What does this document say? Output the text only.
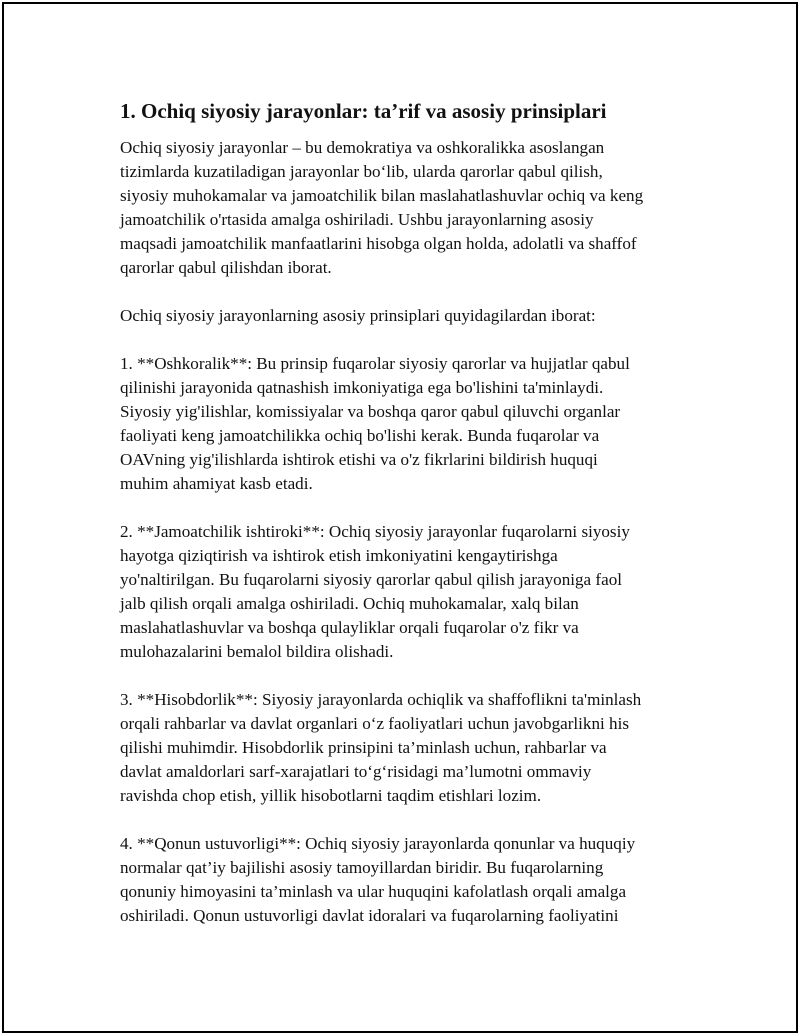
1. Ochiq siyosiy jarayonlar: ta’rif va asosiy prinsiplari

Ochiq siyosiy jarayonlar – bu demokratiya va oshkoralikka asoslangan
tizimlarda kuzatiladigan jarayonlar bo‘lib, ularda qarorlar qabul qilish,
siyosiy muhokamalar va jamoatchilik bilan maslahatlashuvlar ochiq va keng
jamoatchilik o'rtasida amalga oshiriladi. Ushbu jarayonlarning asosiy
maqsadi jamoatchilik manfaatlarini hisobga olgan holda, adolatli va shaffof
qarorlar qabul qilishdan iborat.

Ochiq siyosiy jarayonlarning asosiy prinsiplari quyidagilardan iborat:

1. **Oshkoralik**: Bu prinsip fuqarolar siyosiy qarorlar va hujjatlar qabul
qilinishi jarayonida qatnashish imkoniyatiga ega bo'lishini ta'minlaydi.
Siyosiy yig'ilishlar, komissiyalar va boshqa qaror qabul qiluvchi organlar
faoliyati keng jamoatchilikka ochiq bo'lishi kerak. Bunda fuqarolar va
OAVning yig'ilishlarda ishtirok etishi va o'z fikrlarini bildirish huquqi
muhim ahamiyat kasb etadi.

2. **Jamoatchilik ishtiroki**: Ochiq siyosiy jarayonlar fuqarolarni siyosiy
hayotga qiziqtirish va ishtirok etish imkoniyatini kengaytirishga
yo'naltirilgan. Bu fuqarolarni siyosiy qarorlar qabul qilish jarayoniga faol
jalb qilish orqali amalga oshiriladi. Ochiq muhokamalar, xalq bilan
maslahatlashuvlar va boshqa qulayliklar orqali fuqarolar o'z fikr va
mulohazalarini bemalol bildira olishadi.

3. **Hisobdorlik**: Siyosiy jarayonlarda ochiqlik va shaffoflikni ta'minlash
orqali rahbarlar va davlat organlari o‘z faoliyatlari uchun javobgarlikni his
qilishi muhimdir. Hisobdorlik prinsipini ta’minlash uchun, rahbarlar va
davlat amaldorlari sarf-xarajatlari to‘g‘risidagi ma’lumotni ommaviy
ravishda chop etish, yillik hisobotlarni taqdim etishlari lozim.

4. **Qonun ustuvorligi**: Ochiq siyosiy jarayonlarda qonunlar va huquqiy
normalar qat’iy bajilishi asosiy tamoyillardan biridir. Bu fuqarolarning
qonuniy himoyasini ta’minlash va ular huquqini kafolatlash orqali amalga
oshiriladi. Qonun ustuvorligi davlat idoralari va fuqarolarning faoliyatini
